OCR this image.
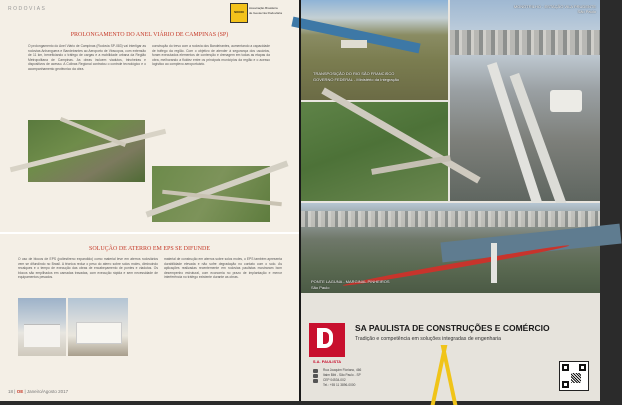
RODOVIAS	SOCIO
Associação Brasileira
de Geotecnia Rodoviária
PROLONGAMENTO DO ANEL VIÁRIO DE CAMPINAS (SP)
O prolongamento do Anel Viário de Campinas (Rodovia SP-083) vai interligar as rodovias Anhanguera e Bandeirantes ao Aeroporto de Viracopos, com extensão de 11 km, beneficiando o tráfego de cargas e a mobilidade urbana da Região Metropolitana de Campinas. As obras incluem viadutos, trincheiras e dispositivos de acesso. A Colinas Regional contratou o controle tecnológico e o acompanhamento geotécnico da obra.
construção do trevo com a rodovia dos Bandeirantes, aumentando a capacidade de tráfego da região. Com o objetivo de atender à segurança dos usuários, foram executados elementos de contenção e drenagem em todas as etapas da obra, melhorando a fluidez entre os principais municípios da região e o acesso logístico ao complexo aeroportuário.
SOLUÇÃO DE ATERRO EM EPS SE DIFUNDE
O uso de blocos de EPS (poliestireno expandido) como material leve em aterros rodoviários vem se difundindo no Brasil. A técnica reduz o peso do aterro sobre solos moles, diminuindo recalques e o tempo de execução das obras de encabeçamento de pontes e viadutos. Os blocos são empilhados em camadas travadas, com execução rápida e sem necessidade de equipamentos pesados.
material de construção em aterros sobre solos moles, o EPS também apresenta durabilidade elevada e não sofre degradação no contato com o solo. As aplicações realizadas recentemente em rodovias paulistas mostraram bom desempenho estrutural, com economia no prazo de implantação e menor interferência no tráfego existente durante as obras.
18 | OE | Janeiro/Agosto 2017
MONOTRILHO - ESTAÇÃO VILA PRUDENTE
São Paulo
TRANSPOSIÇÃO DO RIO SÃO FRANCISCO
GOVERNO FEDERAL - Ministério da Integração
PONTE LAGUNA - MARGINAL PINHEIROS
São Paulo
S.A. PAULISTA
SA PAULISTA DE CONSTRUÇÕES E COMÉRCIO
Tradição e competência em soluções integradas de engenharia
Rua Joaquim Floriano, 466
Itaim Bibi - São Paulo - SP
CEP 04534-002
Tel.: +55 11 3896-0000
